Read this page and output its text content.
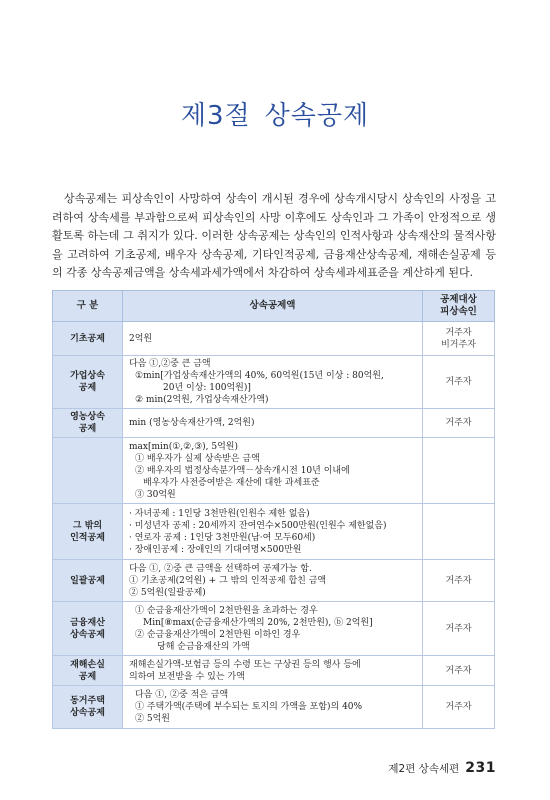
제3절 상속공제

상속공제는 피상속인이 사망하여 상속이 개시된 경우에 상속개시당시 상속인의 사정을 고려하여 상속세를 부과함으로써 피상속인의 사망 이후에도 상속인과 그 가족이 안정적으로 생활토록 하는데 그 취지가 있다. 이러한 상속공제는 상속인의 인적사항과 상속재산의 물적사항을 고려하여 기초공제, 배우자 상속공제, 기타인적공제, 금융재산상속공제, 재해손실공제 등의 각종 상속공제금액을 상속세과세가액에서 차감하여 상속세과세표준을 계산하게 된다.

구 분	상속공제액	공제대상
피상속인

기초공제	2억원	거주자
비거주자

가업상속
공제	다음 ①,②중 큰 금액
①min[가업상속재산가액의 40%, 60억원(15년 이상 : 80억원,
20년 이상: 100억원)]
② min(2억원, 가업상속재산가액)	거주자

영농상속
공제	min (영농상속재산가액, 2억원)	거주자

	max[min(①,②,③), 5억원)
① 배우자가 실제 상속받은 금액
② 배우자의 법정상속분가액－상속개시전 10년 이내에
배우자가 사전증여받은 재산에 대한 과세표준
③ 30억원	

그 밖의
인적공제	· 자녀공제 : 1인당 3천만원(인원수 제한 없음)
· 미성년자 공제 : 20세까지 잔여연수×500만원(인원수 제한없음)
· 연로자 공제 : 1인당 3천만원(남·여 모두60세)
· 장애인공제 : 장애인의 기대여명×500만원	

일괄공제	다음 ①, ②중 큰 금액을 선택하여 공제가능 함.
① 기초공제(2억원) + 그 밖의 인적공제 합친 금액
② 5억원(일괄공제)	거주자

금융재산
상속공제	① 순금융재산가액이 2천만원을 초과하는 경우
Min[⑧max(순금융재산가액의 20%, 2천만원), ⓑ 2억원]
② 순금융재산가액이 2천만원 이하인 경우
당해 순금융재산의 가액	거주자

재해손실
공제	재해손실가액-보험금 등의 수령 또는 구상권 등의 행사 등에
의하여 보전받을 수 있는 가액	거주자

동거주택
상속공제	다음 ①, ②중 적은 금액
① 주택가액(주택에 부수되는 토지의 가액을 포함)의 40%
② 5억원	거주자
제2편 상속세편 231
